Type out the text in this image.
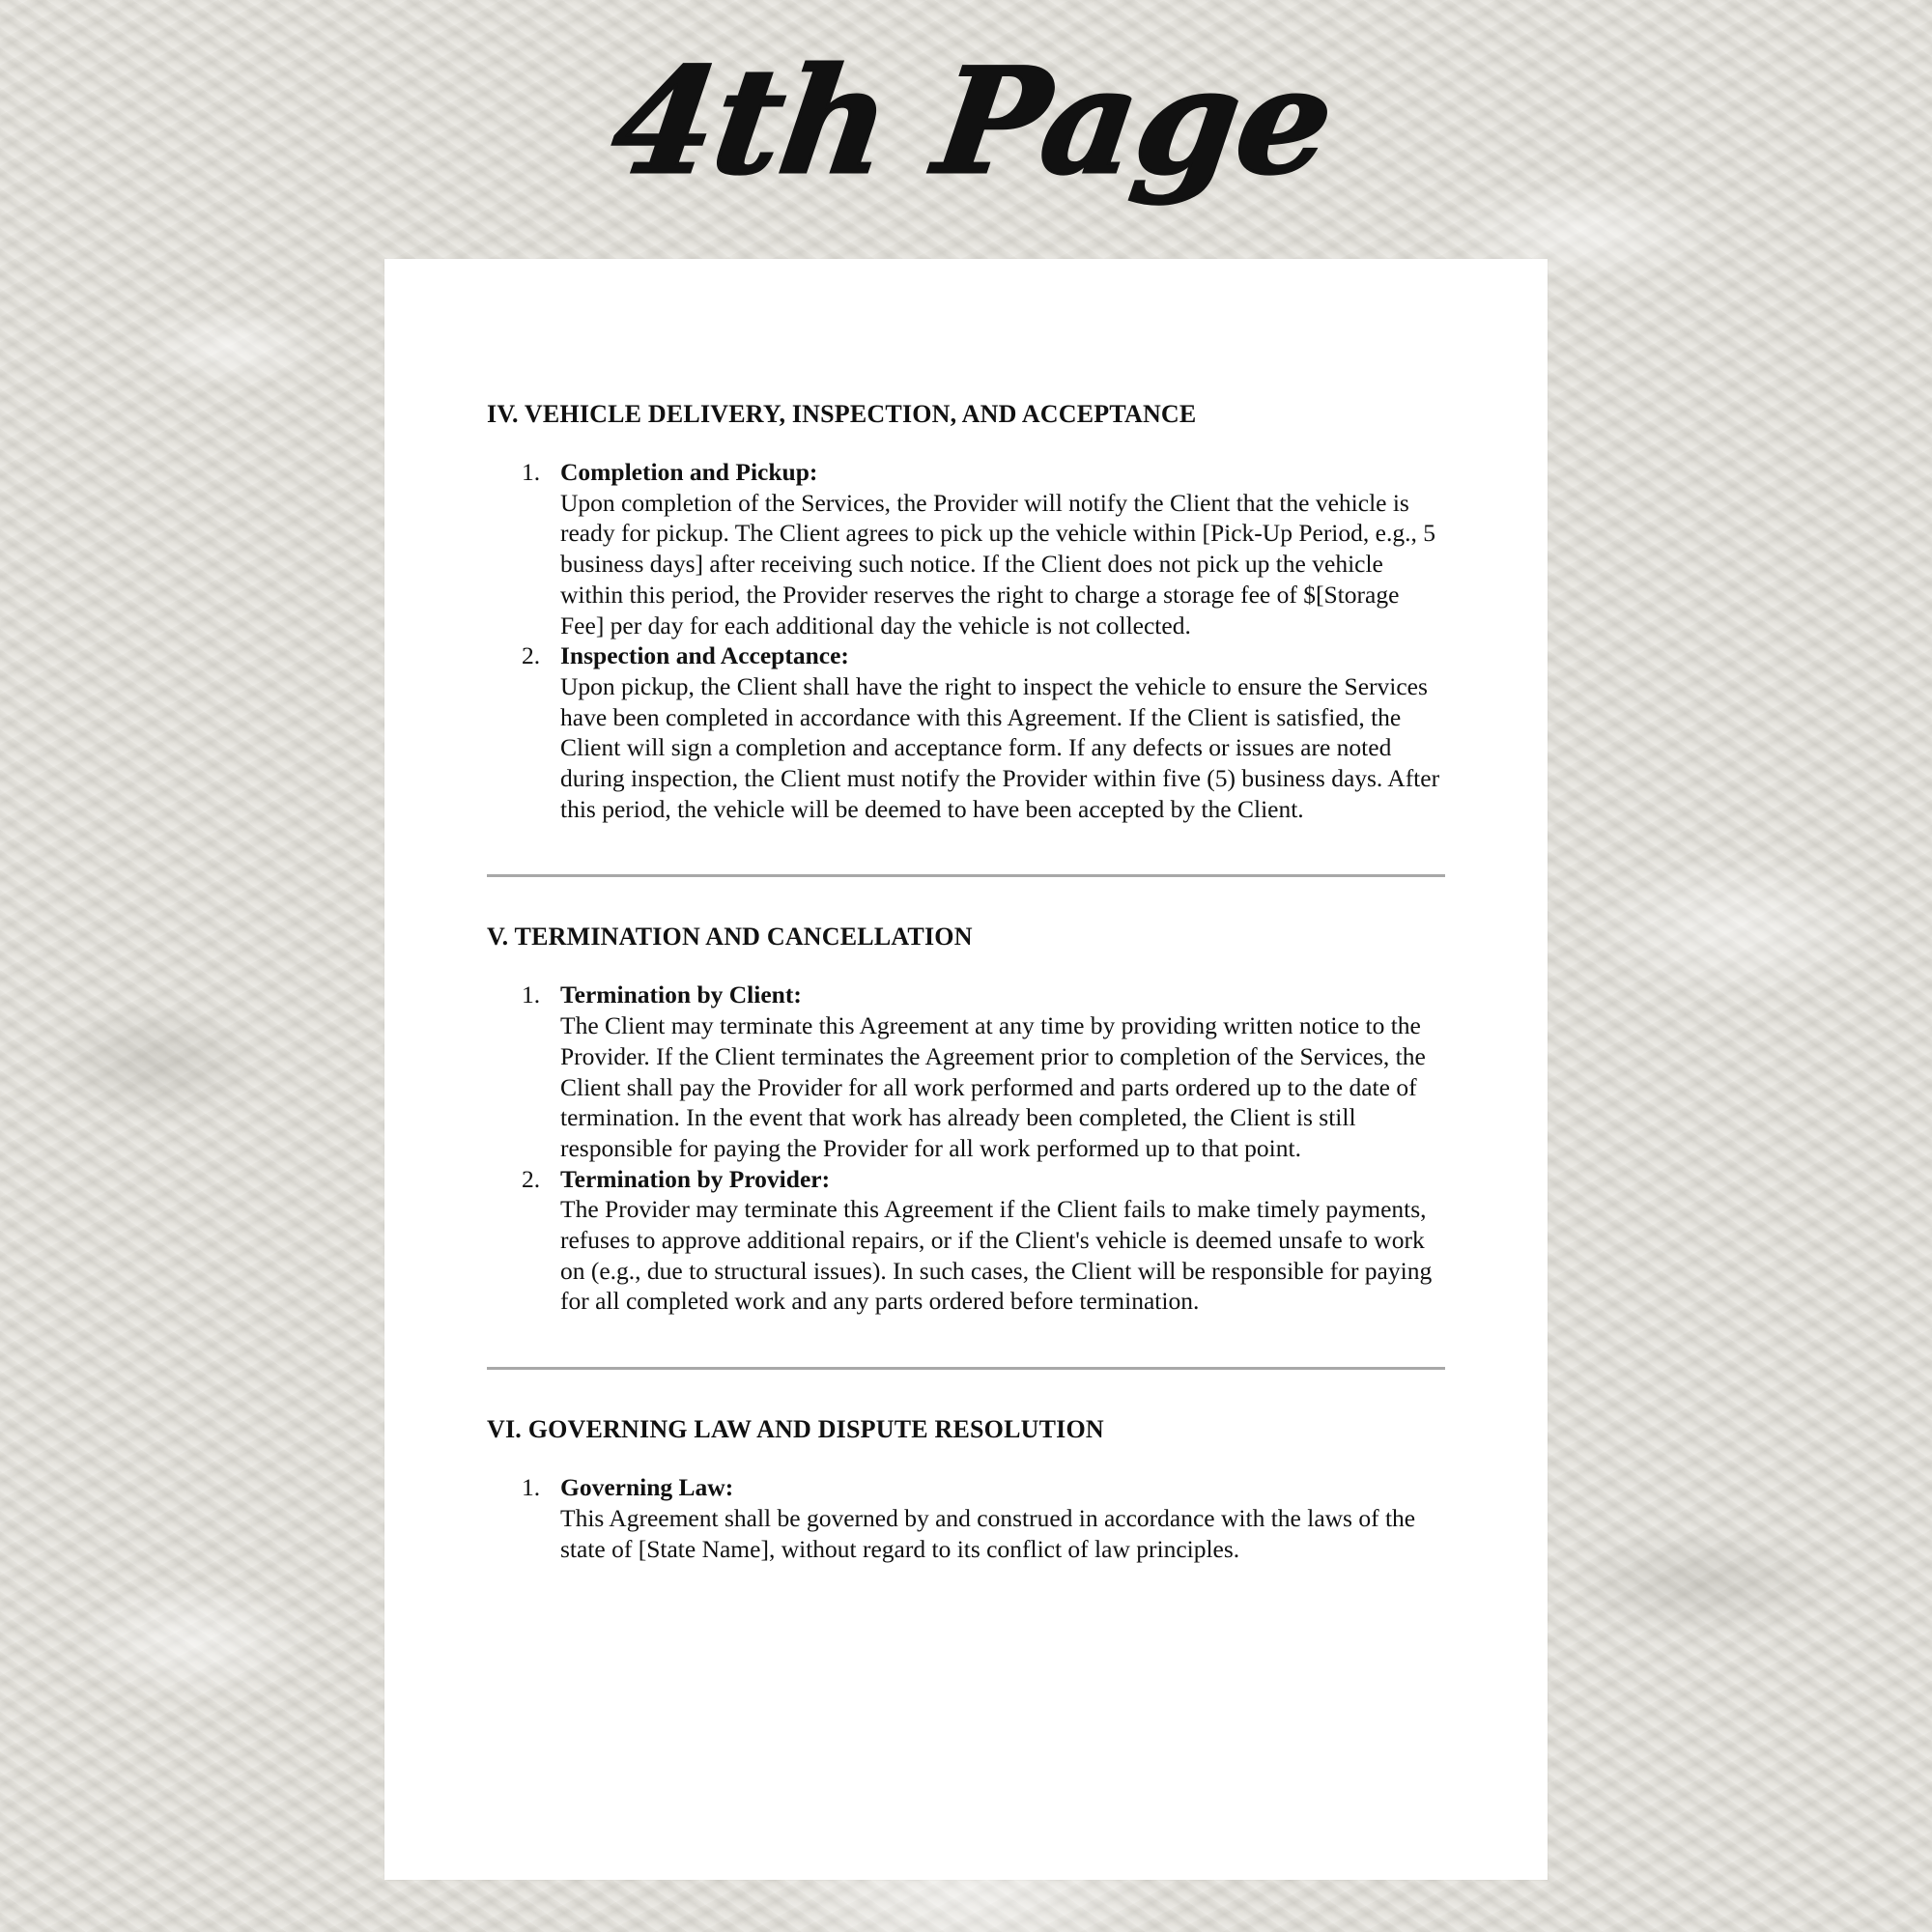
4th Page
IV. VEHICLE DELIVERY, INSPECTION, AND ACCEPTANCE
1. Completion and Pickup:
Upon completion of the Services, the Provider will notify the Client that the vehicle is ready for pickup. The Client agrees to pick up the vehicle within [Pick-Up Period, e.g., 5 business days] after receiving such notice. If the Client does not pick up the vehicle within this period, the Provider reserves the right to charge a storage fee of $[Storage Fee] per day for each additional day the vehicle is not collected.
2. Inspection and Acceptance:
Upon pickup, the Client shall have the right to inspect the vehicle to ensure the Services have been completed in accordance with this Agreement. If the Client is satisfied, the Client will sign a completion and acceptance form. If any defects or issues are noted during inspection, the Client must notify the Provider within five (5) business days. After this period, the vehicle will be deemed to have been accepted by the Client.
V. TERMINATION AND CANCELLATION
1. Termination by Client:
The Client may terminate this Agreement at any time by providing written notice to the Provider. If the Client terminates the Agreement prior to completion of the Services, the Client shall pay the Provider for all work performed and parts ordered up to the date of termination. In the event that work has already been completed, the Client is still responsible for paying the Provider for all work performed up to that point.
2. Termination by Provider:
The Provider may terminate this Agreement if the Client fails to make timely payments, refuses to approve additional repairs, or if the Client's vehicle is deemed unsafe to work on (e.g., due to structural issues). In such cases, the Client will be responsible for paying for all completed work and any parts ordered before termination.
VI. GOVERNING LAW AND DISPUTE RESOLUTION
1. Governing Law:
This Agreement shall be governed by and construed in accordance with the laws of the state of [State Name], without regard to its conflict of law principles.
